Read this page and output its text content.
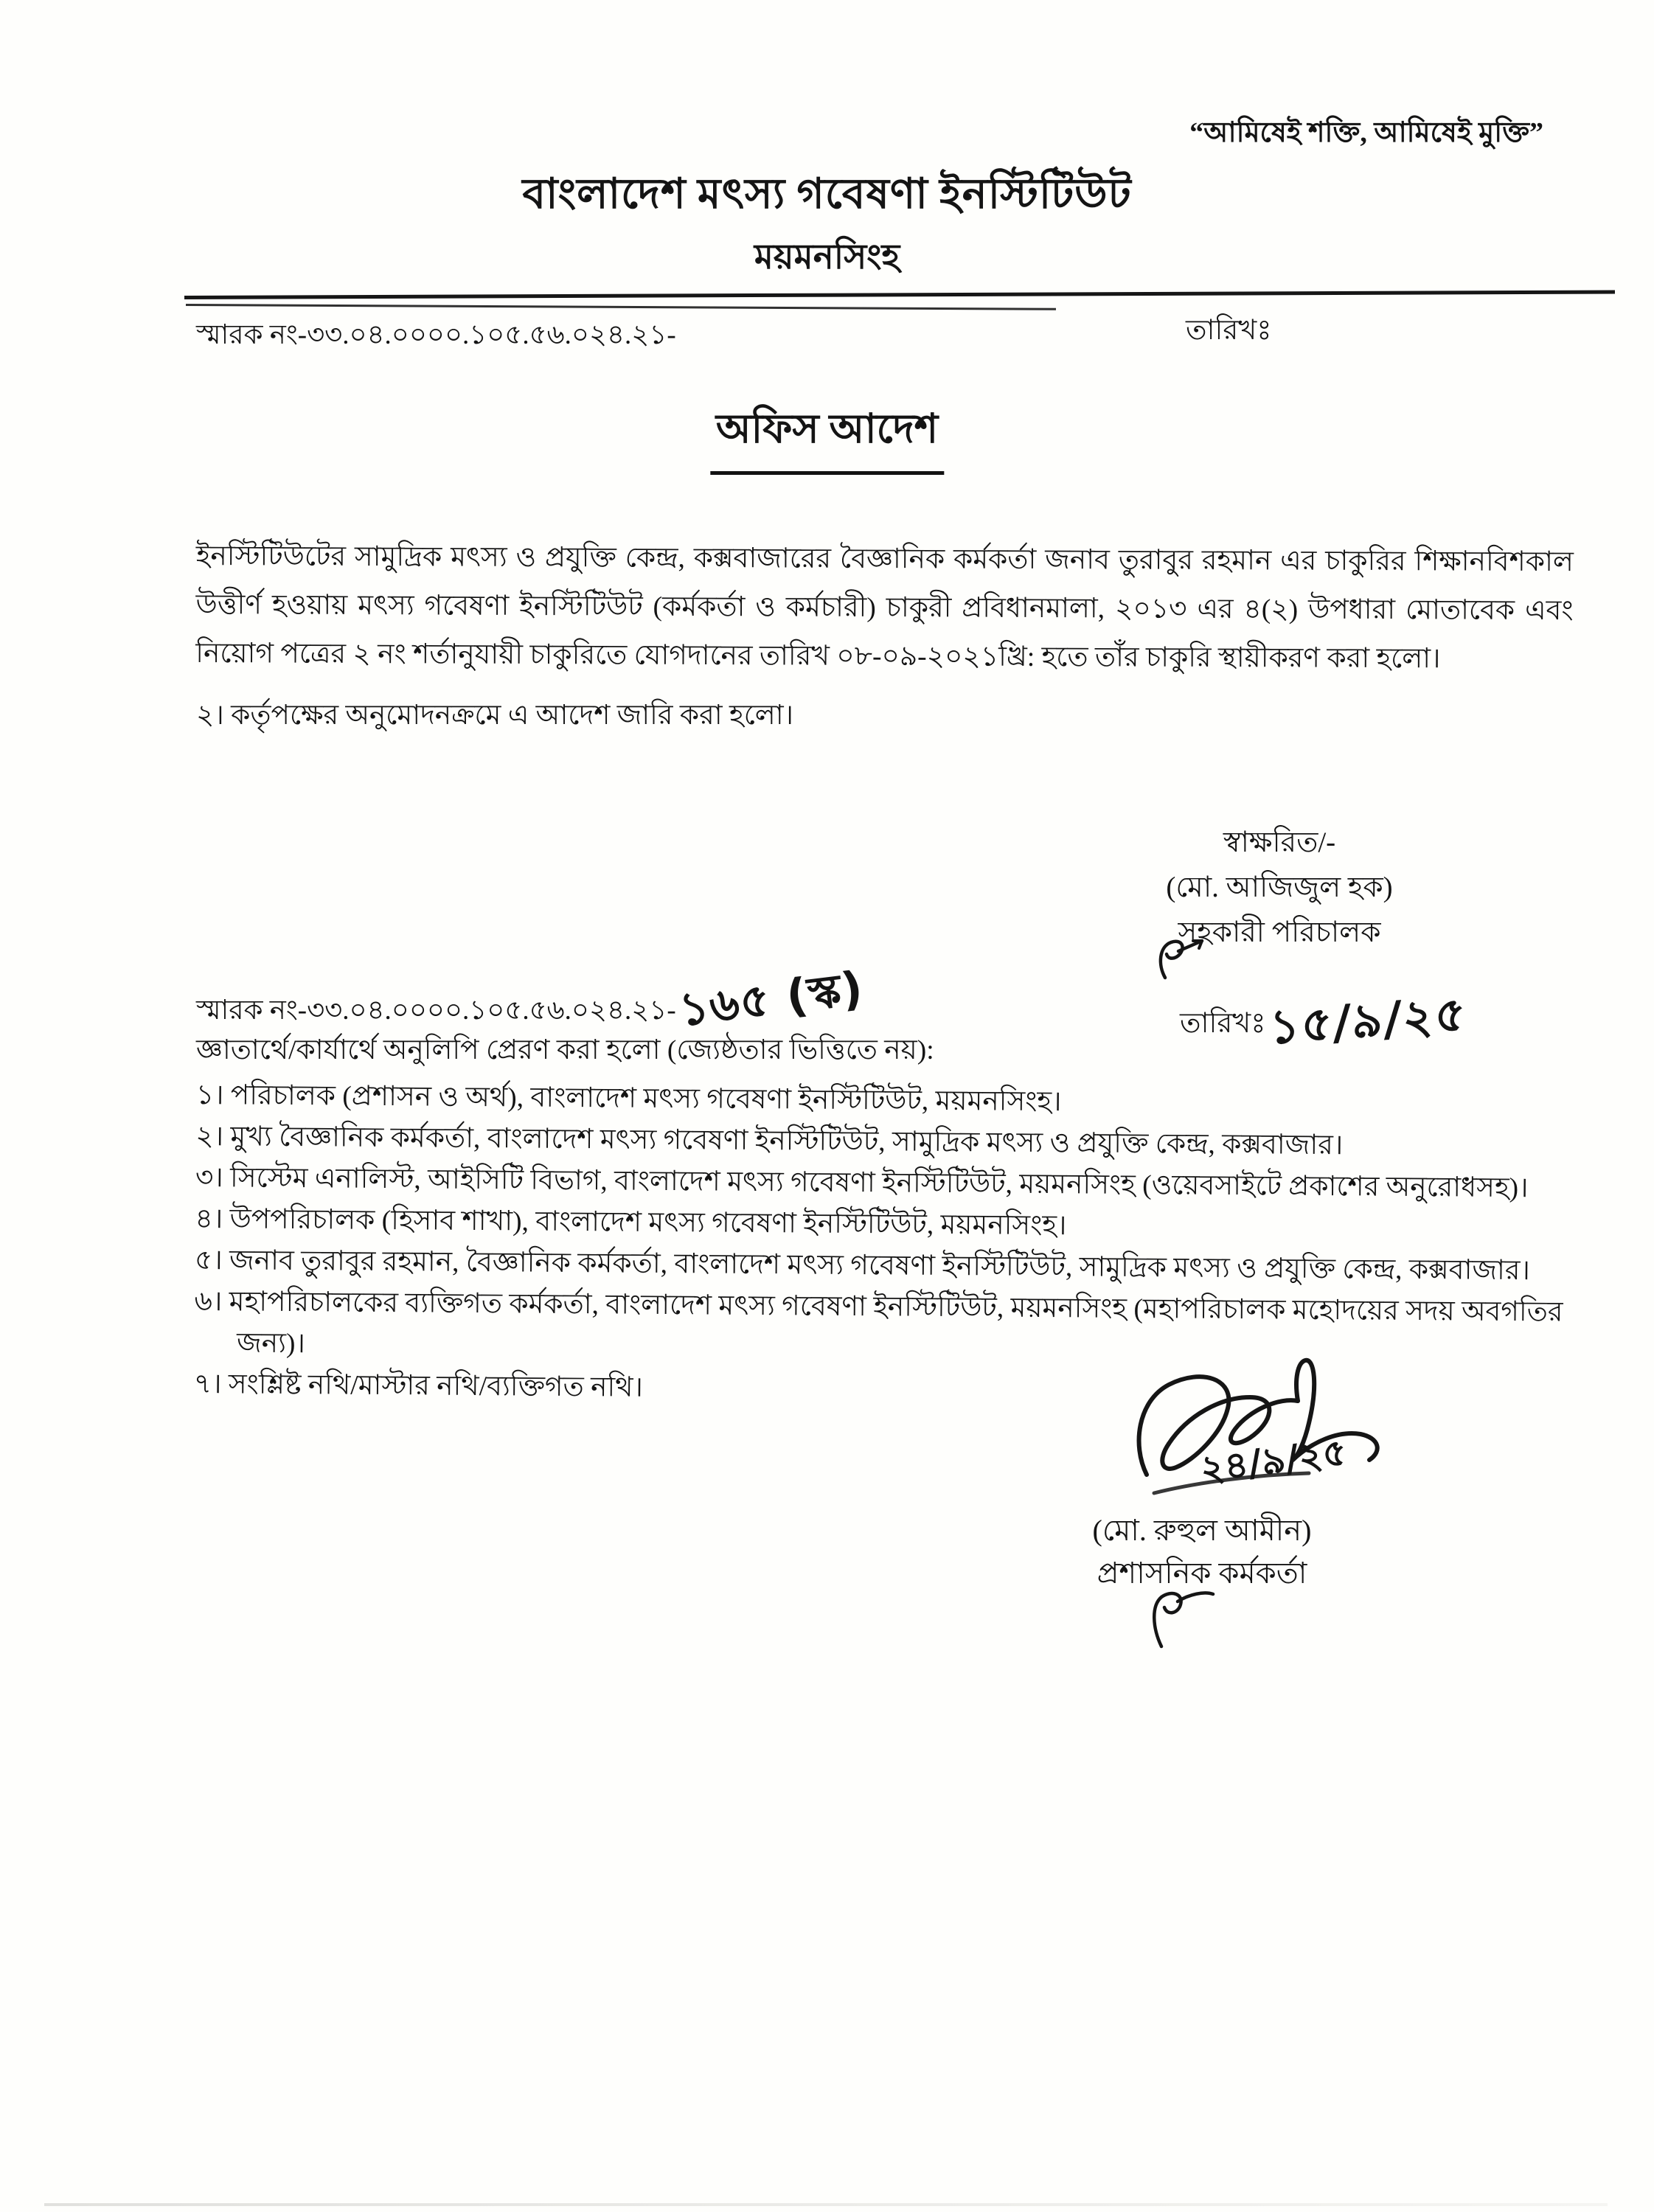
“আমিষেই শক্তি, আমিষেই মুক্তি”
বাংলাদেশ মৎস্য গবেষণা ইনস্টিটিউট
ময়মনসিংহ
স্মারক নং-৩৩.০৪.০০০০.১০৫.৫৬.০২৪.২১-	তারিখঃ
অফিস আদেশ

ইনস্টিটিউটের সামুদ্রিক মৎস্য ও প্রযুক্তি কেন্দ্র, কক্সবাজারের বৈজ্ঞানিক কর্মকর্তা জনাব তুরাবুর রহমান এর চাকুরির শিক্ষানবিশকাল উত্তীর্ণ হওয়ায় মৎস্য গবেষণা ইনস্টিটিউট (কর্মকর্তা ও কর্মচারী) চাকুরী প্রবিধানমালা, ২০১৩ এর ৪(২) উপধারা মোতাবেক এবং নিয়োগ পত্রের ২ নং শর্তানুযায়ী চাকুরিতে যোগদানের তারিখ ০৮-০৯-২০২১খ্রি: হতে তাঁর চাকুরি স্থায়ীকরণ করা হলো।

২। কর্তৃপক্ষের অনুমোদনক্রমে এ আদেশ জারি করা হলো।

স্বাক্ষরিত/-
(মো. আজিজুল হক)
সহকারী পরিচালক
তারিখঃ১৫/৯/২৫
স্মারক নং-৩৩.০৪.০০০০.১০৫.৫৬.০২৪.২১-১৬৫ (স্ক)
জ্ঞাতার্থে/কার্যার্থে অনুলিপি প্রেরণ করা হলো (জ্যেষ্ঠতার ভিত্তিতে নয়):
১। পরিচালক (প্রশাসন ও অর্থ), বাংলাদেশ মৎস্য গবেষণা ইনস্টিটিউট, ময়মনসিংহ।
২। মুখ্য বৈজ্ঞানিক কর্মকর্তা, বাংলাদেশ মৎস্য গবেষণা ইনস্টিটিউট, সামুদ্রিক মৎস্য ও প্রযুক্তি কেন্দ্র, কক্সবাজার।
৩। সিস্টেম এনালিস্ট, আইসিটি বিভাগ, বাংলাদেশ মৎস্য গবেষণা ইনস্টিটিউট, ময়মনসিংহ (ওয়েবসাইটে প্রকাশের অনুরোধসহ)।
৪। উপপরিচালক (হিসাব শাখা), বাংলাদেশ মৎস্য গবেষণা ইনস্টিটিউট, ময়মনসিংহ।
৫। জনাব তুরাবুর রহমান, বৈজ্ঞানিক কর্মকর্তা, বাংলাদেশ মৎস্য গবেষণা ইনস্টিটিউট, সামুদ্রিক মৎস্য ও প্রযুক্তি কেন্দ্র, কক্সবাজার।
৬। মহাপরিচালকের ব্যক্তিগত কর্মকর্তা, বাংলাদেশ মৎস্য গবেষণা ইনস্টিটিউট, ময়মনসিংহ (মহাপরিচালক মহোদয়ের সদয় অবগতির জন্য)।
৭। সংশ্লিষ্ট নথি/মাস্টার নথি/ব্যক্তিগত নথি।
২৪/৯/২৫
(মো. রুহুল আমীন)
প্রশাসনিক কর্মকর্তা
